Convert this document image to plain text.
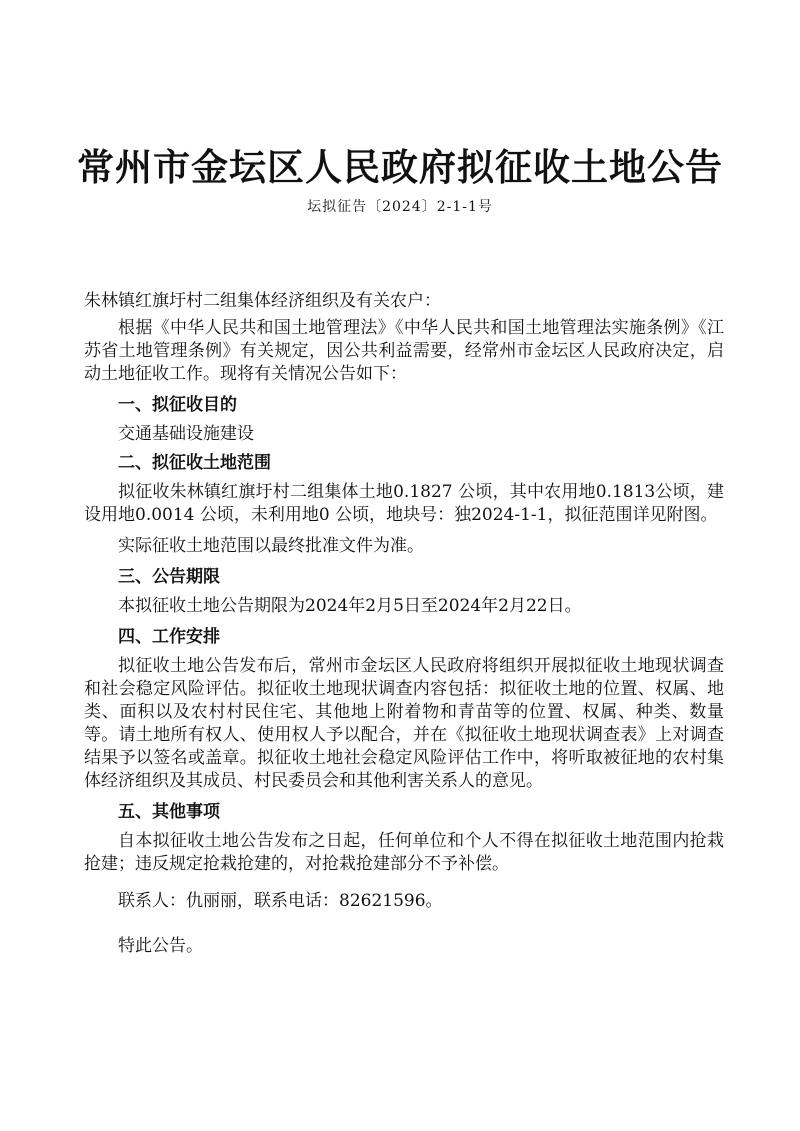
常州市金坛区人民政府拟征收土地公告
坛拟征告〔2024〕2-1-1号

朱林镇红旗圩村二组集体经济组织及有关农户：

根据《中华人民共和国土地管理法》《中华人民共和国土地管理法实施条例》《江苏省土地管理条例》有关规定，因公共利益需要，经常州市金坛区人民政府决定，启动土地征收工作。现将有关情况公告如下：

一、拟征收目的

交通基础设施建设

二、拟征收土地范围

拟征收朱林镇红旗圩村二组集体土地0.1827 公顷，其中农用地0.1813公顷，建设用地0.0014 公顷，未利用地0 公顷，地块号：独2024-1-1，拟征范围详见附图。

实际征收土地范围以最终批准文件为准。

三、公告期限

本拟征收土地公告期限为2024年2月5日至2024年2月22日。

四、工作安排

拟征收土地公告发布后，常州市金坛区人民政府将组织开展拟征收土地现状调查和社会稳定风险评估。拟征收土地现状调查内容包括：拟征收土地的位置、权属、地类、面积以及农村村民住宅、其他地上附着物和青苗等的位置、权属、种类、数量等。请土地所有权人、使用权人予以配合，并在《拟征收土地现状调查表》上对调查结果予以签名或盖章。拟征收土地社会稳定风险评估工作中，将听取被征地的农村集体经济组织及其成员、村民委员会和其他利害关系人的意见。

五、其他事项

自本拟征收土地公告发布之日起，任何单位和个人不得在拟征收土地范围内抢栽抢建；违反规定抢栽抢建的，对抢栽抢建部分不予补偿。

联系人：仇丽丽，联系电话：82621596。

特此公告。
